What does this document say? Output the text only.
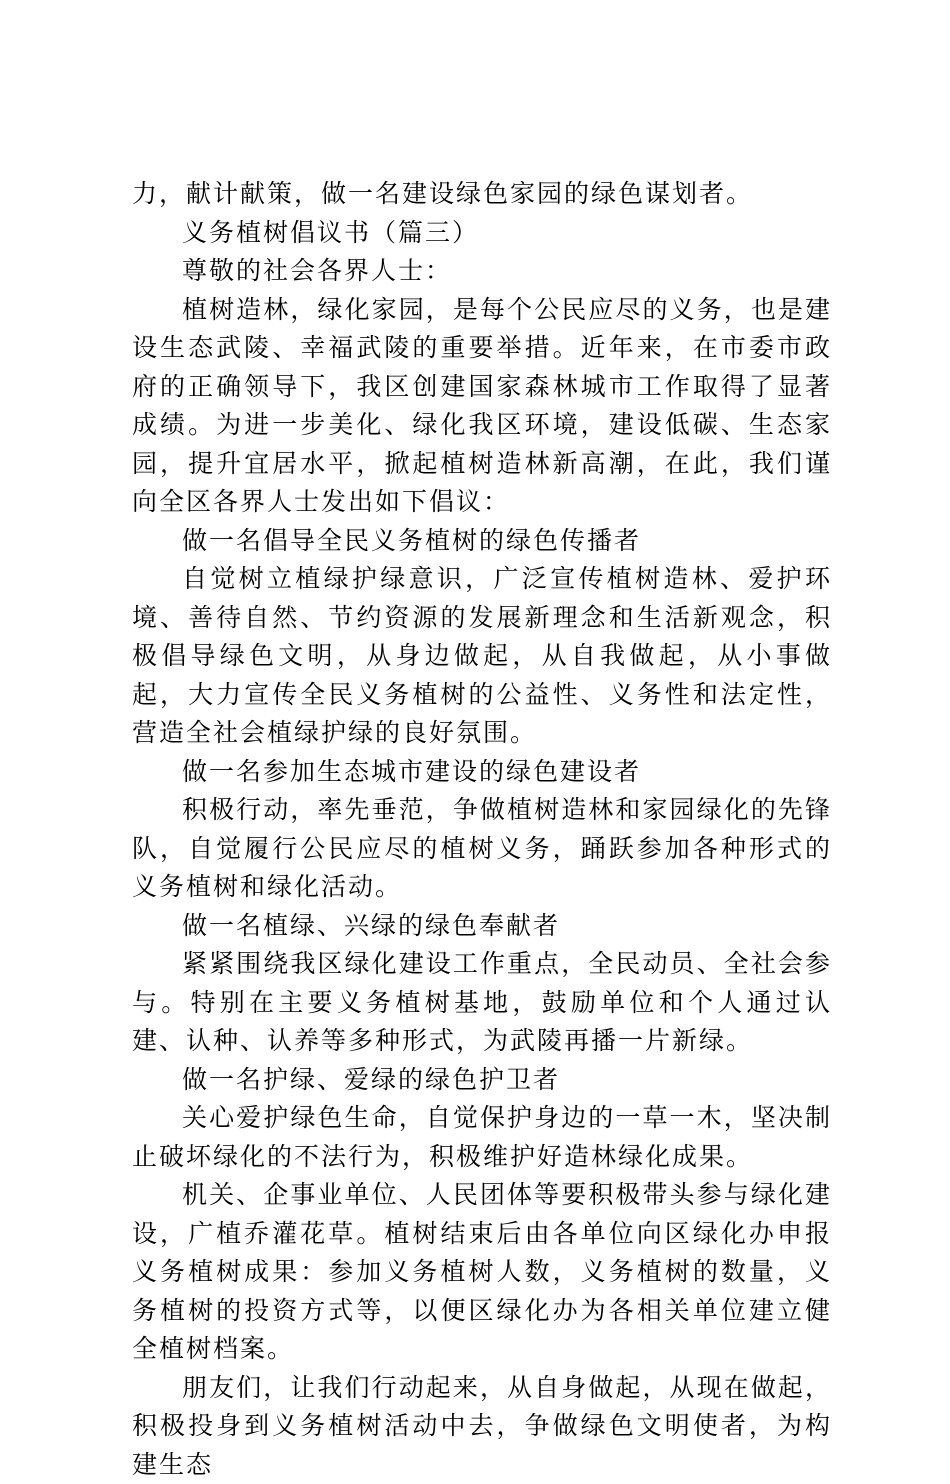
力，献计献策，做一名建设绿色家园的绿色谋划者。

义务植树倡议书（篇三）

尊敬的社会各界人士：

植树造林，绿化家园，是每个公民应尽的义务，也是建设生态武陵、幸福武陵的重要举措。近年来，在市委市政府的正确领导下，我区创建国家森林城市工作取得了显著成绩。为进一步美化、绿化我区环境，建设低碳、生态家园，提升宜居水平，掀起植树造林新高潮，在此，我们谨向全区各界人士发出如下倡议：

做一名倡导全民义务植树的绿色传播者

自觉树立植绿护绿意识，广泛宣传植树造林、爱护环境、善待自然、节约资源的发展新理念和生活新观念，积极倡导绿色文明，从身边做起，从自我做起，从小事做起，大力宣传全民义务植树的公益性、义务性和法定性，营造全社会植绿护绿的良好氛围。

做一名参加生态城市建设的绿色建设者

积极行动，率先垂范，争做植树造林和家园绿化的先锋队，自觉履行公民应尽的植树义务，踊跃参加各种形式的义务植树和绿化活动。

做一名植绿、兴绿的绿色奉献者

紧紧围绕我区绿化建设工作重点，全民动员、全社会参与。特别在主要义务植树基地，鼓励单位和个人通过认建、认种、认养等多种形式，为武陵再播一片新绿。

做一名护绿、爱绿的绿色护卫者

关心爱护绿色生命，自觉保护身边的一草一木，坚决制止破坏绿化的不法行为，积极维护好造林绿化成果。

机关、企事业单位、人民团体等要积极带头参与绿化建设，广植乔灌花草。植树结束后由各单位向区绿化办申报义务植树成果：参加义务植树人数，义务植树的数量，义务植树的投资方式等，以便区绿化办为各相关单位建立健全植树档案。

朋友们，让我们行动起来，从自身做起，从现在做起，积极投身到义务植树活动中去，争做绿色文明使者，为构建生态
